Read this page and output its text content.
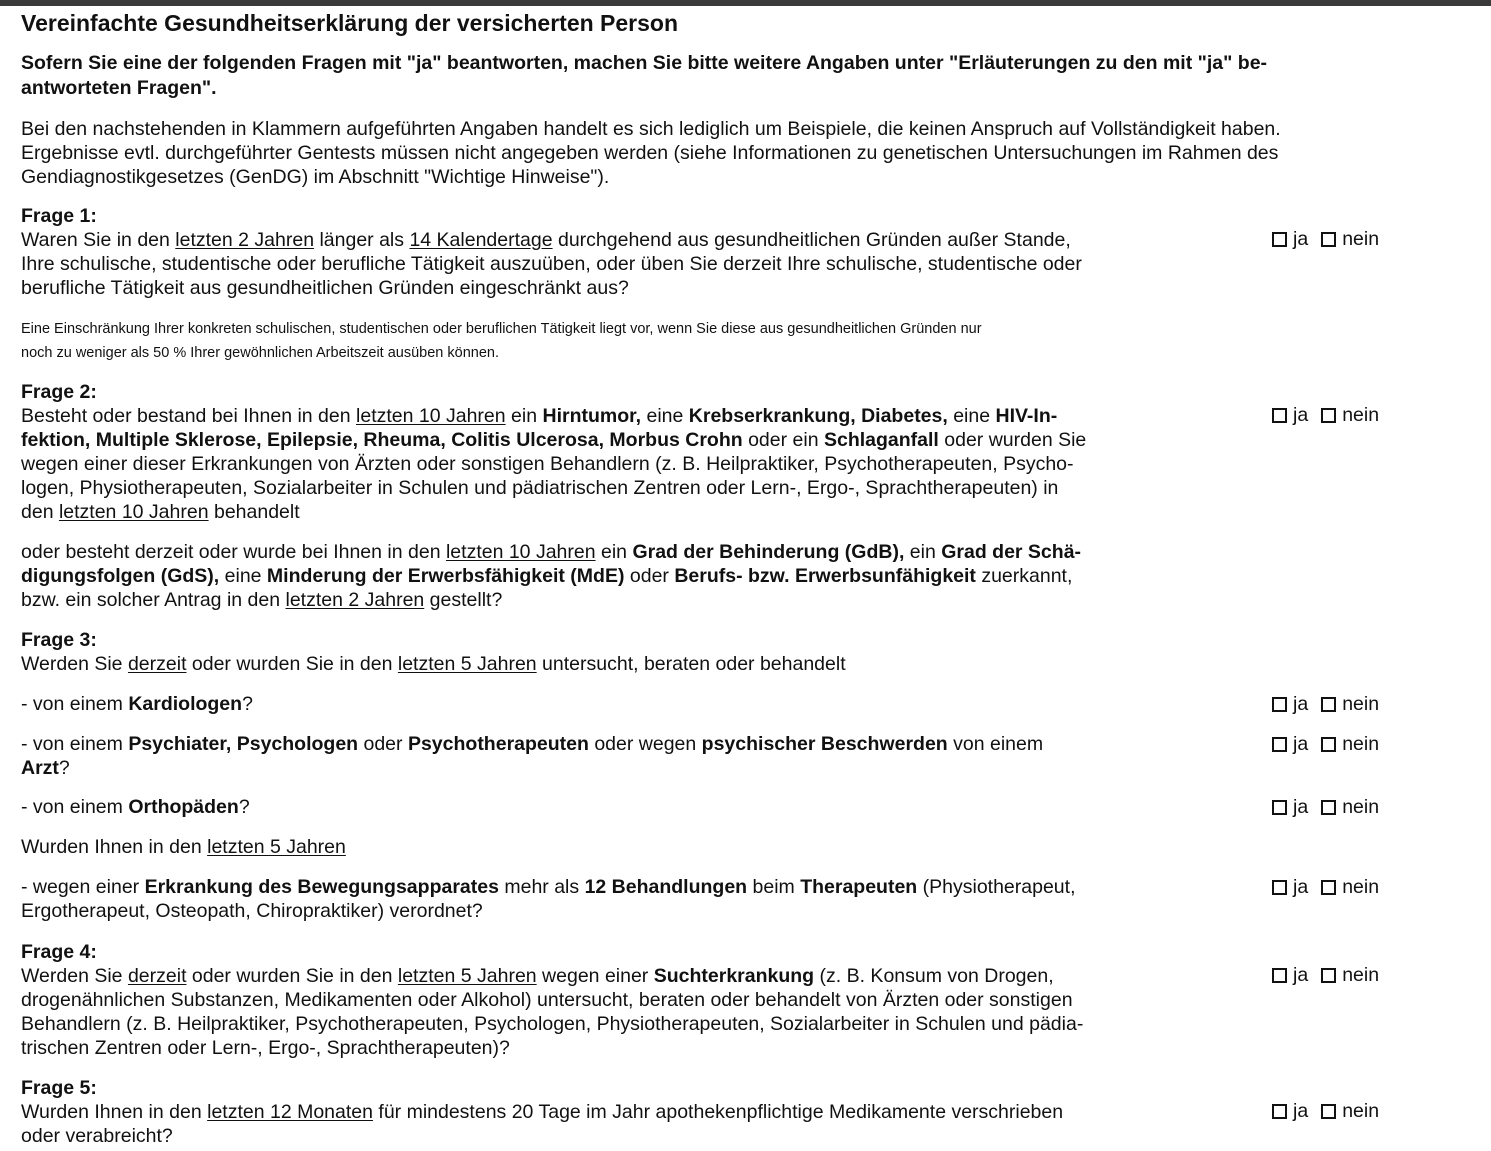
Vereinfachte Gesundheitserklärung der versicherten Person
Sofern Sie eine der folgenden Fragen mit "ja" beantworten, machen Sie bitte weitere Angaben unter "Erläuterungen zu den mit "ja" be-
antworteten Fragen".
Bei den nachstehenden in Klammern aufgeführten Angaben handelt es sich lediglich um Beispiele, die keinen Anspruch auf Vollständigkeit haben.
Ergebnisse evtl. durchgeführter Gentests müssen nicht angegeben werden (siehe Informationen zu genetischen Untersuchungen im Rahmen des
Gendiagnostikgesetzes (GenDG) im Abschnitt "Wichtige Hinweise").
Frage 1:
Waren Sie in den letzten 2 Jahren länger als 14 Kalendertage durchgehend aus gesundheitlichen Gründen außer Stande,
Ihre schulische, studentische oder berufliche Tätigkeit auszuüben, oder üben Sie derzeit Ihre schulische, studentische oder
berufliche Tätigkeit aus gesundheitlichen Gründen eingeschränkt aus?
Eine Einschränkung Ihrer konkreten schulischen, studentischen oder beruflichen Tätigkeit liegt vor, wenn Sie diese aus gesundheitlichen Gründen nur
noch zu weniger als 50 % Ihrer gewöhnlichen Arbeitszeit ausüben können.
ja nein
Frage 2:
Besteht oder bestand bei Ihnen in den letzten 10 Jahren ein Hirntumor, eine Krebserkrankung, Diabetes, eine HIV-In-
fektion, Multiple Sklerose, Epilepsie, Rheuma, Colitis Ulcerosa, Morbus Crohn oder ein Schlaganfall oder wurden Sie
wegen einer dieser Erkrankungen von Ärzten oder sonstigen Behandlern (z. B. Heilpraktiker, Psychotherapeuten, Psycho-
logen, Physiotherapeuten, Sozialarbeiter in Schulen und pädiatrischen Zentren oder Lern-, Ergo-, Sprachtherapeuten) in
den letzten 10 Jahren behandelt
oder besteht derzeit oder wurde bei Ihnen in den letzten 10 Jahren ein Grad der Behinderung (GdB), ein Grad der Schä-
digungsfolgen (GdS), eine Minderung der Erwerbsfähigkeit (MdE) oder Berufs- bzw. Erwerbsunfähigkeit zuerkannt,
bzw. ein solcher Antrag in den letzten 2 Jahren gestellt?
ja nein
Frage 3:
Werden Sie derzeit oder wurden Sie in den letzten 5 Jahren untersucht, beraten oder behandelt
- von einem Kardiologen?	ja nein
- von einem Psychiater, Psychologen oder Psychotherapeuten oder wegen psychischer Beschwerden von einem
Arzt?
ja nein
- von einem Orthopäden?	ja nein
Wurden Ihnen in den letzten 5 Jahren
- wegen einer Erkrankung des Bewegungsapparates mehr als 12 Behandlungen beim Therapeuten (Physiotherapeut,
Ergotherapeut, Osteopath, Chiropraktiker) verordnet?
ja nein
Frage 4:
Werden Sie derzeit oder wurden Sie in den letzten 5 Jahren wegen einer Suchterkrankung (z. B. Konsum von Drogen,
drogenähnlichen Substanzen, Medikamenten oder Alkohol) untersucht, beraten oder behandelt von Ärzten oder sonstigen
Behandlern (z. B. Heilpraktiker, Psychotherapeuten, Psychologen, Physiotherapeuten, Sozialarbeiter in Schulen und pädia-
trischen Zentren oder Lern-, Ergo-, Sprachtherapeuten)?
ja nein
Frage 5:
Wurden Ihnen in den letzten 12 Monaten für mindestens 20 Tage im Jahr apothekenpflichtige Medikamente verschrieben
oder verabreicht?
ja nein
